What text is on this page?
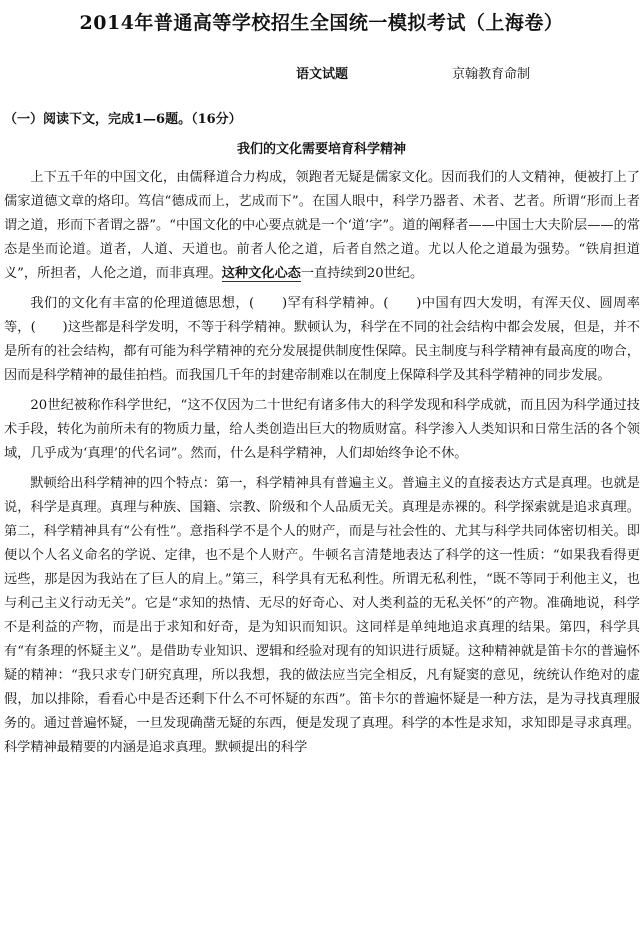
2014年普通高等学校招生全国统一模拟考试（上海卷）
语文试题	京翰教育命制
（一）阅读下文，完成1—6题。（16分）
我们的文化需要培育科学精神

上下五千年的中国文化，由儒释道合力构成，领跑者无疑是儒家文化。因而我们的人文精神，便被打上了儒家道德文章的烙印。笃信“德成而上，艺成而下”。在国人眼中，科学乃器者、术者、艺者。所谓“形而上者谓之道，形而下者谓之器”。“中国文化的中心要点就是一个‘道’字”。道的阐释者——中国士大夫阶层——的常态是坐而论道。道者，人道、天道也。前者人伦之道，后者自然之道。尤以人伦之道最为强势。“铁肩担道义”，所担者，人伦之道，而非真理。这种文化心态一直持续到20世纪。

我们的文化有丰富的伦理道德思想，(　　)罕有科学精神。(　　)中国有四大发明，有浑天仪、圆周率等，(　　)这些都是科学发明，不等于科学精神。默顿认为，科学在不同的社会结构中都会发展，但是，并不是所有的社会结构，都有可能为科学精神的充分发展提供制度性保障。民主制度与科学精神有最高度的吻合，因而是科学精神的最佳拍档。而我国几千年的封建帝制难以在制度上保障科学及其科学精神的同步发展。

20世纪被称作科学世纪，“这不仅因为二十世纪有诸多伟大的科学发现和科学成就，而且因为科学通过技术手段，转化为前所未有的物质力量，给人类创造出巨大的物质财富。科学渗入人类知识和日常生活的各个领域，几乎成为‘真理’的代名词”。然而，什么是科学精神，人们却始终争论不休。

默顿给出科学精神的四个特点：第一，科学精神具有普遍主义。普遍主义的直接表达方式是真理。也就是说，科学是真理。真理与种族、国籍、宗教、阶级和个人品质无关。真理是赤裸的。科学探索就是追求真理。第二，科学精神具有“公有性”。意指科学不是个人的财产，而是与社会性的、尤其与科学共同体密切相关。即便以个人名义命名的学说、定律，也不是个人财产。牛顿名言清楚地表达了科学的这一性质：“如果我看得更远些，那是因为我站在了巨人的肩上。”第三，科学具有无私利性。所谓无私利性，“既不等同于利他主义，也与利己主义行动无关”。它是“求知的热情、无尽的好奇心、对人类利益的无私关怀”的产物。准确地说，科学不是利益的产物，而是出于求知和好奇，是为知识而知识。这同样是单纯地追求真理的结果。第四，科学具有“有条理的怀疑主义”。是借助专业知识、逻辑和经验对现有的知识进行质疑。这种精神就是笛卡尔的普遍怀疑的精神：“我只求专门研究真理，所以我想，我的做法应当完全相反，凡有疑窦的意见，统统认作绝对的虚假，加以排除，看看心中是否还剩下什么不可怀疑的东西”。笛卡尔的普遍怀疑是一种方法，是为寻找真理服务的。通过普遍怀疑，一旦发现确凿无疑的东西，便是发现了真理。科学的本性是求知，求知即是寻求真理。科学精神最精要的内涵是追求真理。默顿提出的科学
